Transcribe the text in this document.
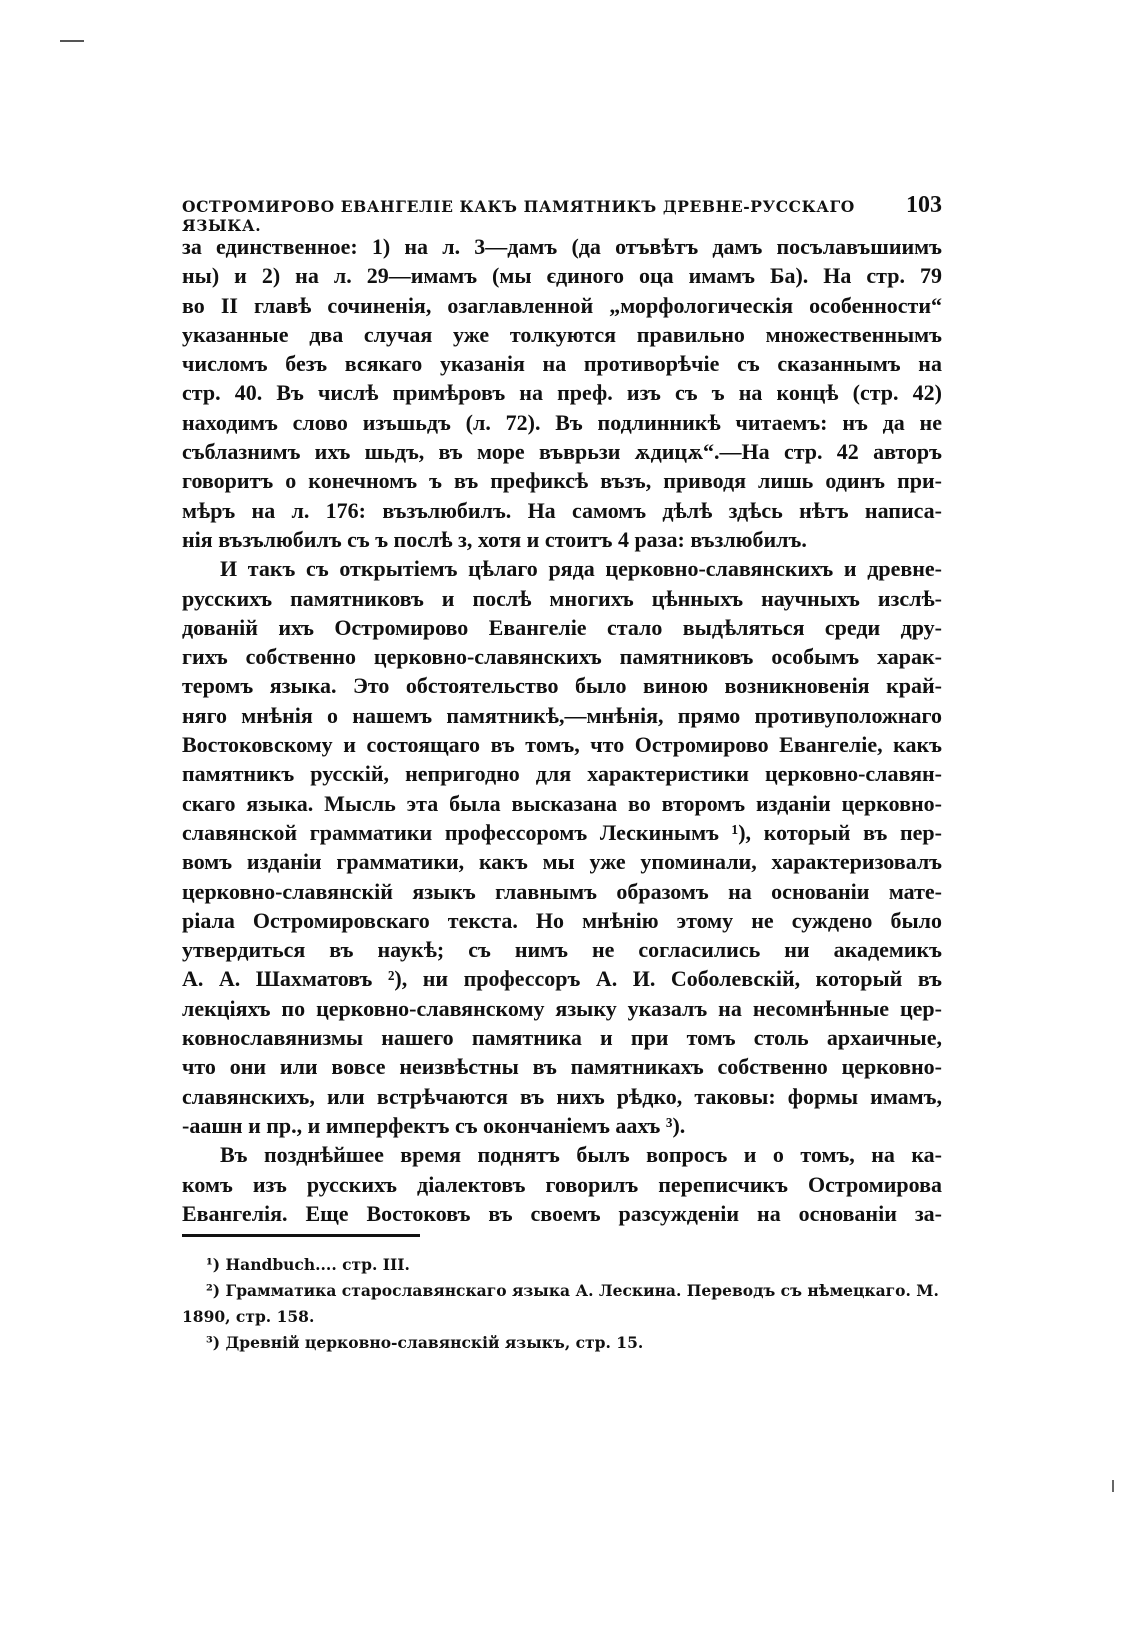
ОСТРОМИРОВО ЕВАНГЕЛІЕ КАКЪ ПАМЯТНИКЪ ДРЕВНЕ-РУССКАГО ЯЗЫКА.
103
за единственное: 1) на л. 3—дамъ (да отъвѣтъ дамъ посълавъшиимъ
ны) и 2) на л. 29—имамъ (мы єдиного оца имамъ Ба). На стр. 79
во II главѣ сочиненія, озаглавленной „морфологическія особенности“
указанные два случая уже толкуются правильно множественнымъ
числомъ безъ всякаго указанія на противорѣчіе съ сказаннымъ на
стр. 40. Въ числѣ примѣровъ на преф. изъ съ ъ на концѣ (стр. 42)
находимъ слово изъшьдъ (л. 72). Въ подлинникѣ читаемъ: нъ да не
съблазнимъ ихъ шьдъ, въ море въврьзи ѫдицѫ“.—На стр. 42 авторъ
говоритъ о конечномъ ъ въ префиксѣ възъ, приводя лишь одинъ при-
мѣръ на л. 176: възълюбилъ. На самомъ дѣлѣ здѣсь нѣтъ написа-
нія възълюбилъ съ ъ послѣ з, хотя и стоитъ 4 раза: възлюбилъ.
И такъ съ открытіемъ цѣлаго ряда церковно-славянскихъ и древне-
русскихъ памятниковъ и послѣ многихъ цѣнныхъ научныхъ изслѣ-
дованій ихъ Остромирово Евангеліе стало выдѣляться среди дру-
гихъ собственно церковно-славянскихъ памятниковъ особымъ харак-
теромъ языка. Это обстоятельство было виною возникновенія край-
няго мнѣнія о нашемъ памятникѣ,—мнѣнія, прямо противуположнаго
Востоковскому и состоящаго въ томъ, что Остромирово Евангеліе, какъ
памятникъ русскій, непригодно для характеристики церковно-славян-
скаго языка. Мысль эта была высказана во второмъ изданіи церковно-
славянской грамматики профессоромъ Лескинымъ ¹), который въ пер-
вомъ изданіи грамматики, какъ мы уже упоминали, характеризовалъ
церковно-славянскій языкъ главнымъ образомъ на основаніи мате-
ріала Остромировскаго текста. Но мнѣнію этому не суждено было
утвердиться въ наукѣ; съ нимъ не согласились ни академикъ
А. А. Шахматовъ ²), ни профессоръ А. И. Соболевскій, который въ
лекціяхъ по церковно-славянскому языку указалъ на несомнѣнные цер-
ковнославянизмы нашего памятника и при томъ столь архаичные,
что они или вовсе неизвѣстны въ памятникахъ собственно церковно-
славянскихъ, или встрѣчаются въ нихъ рѣдко, таковы: формы имамъ,
-аашн и пр., и имперфектъ съ окончаніемъ аахъ ³).
Въ позднѣйшее время поднятъ былъ вопросъ и о томъ, на ка-
комъ изъ русскихъ діалектовъ говорилъ переписчикъ Остромирова
Евангелія. Еще Востоковъ въ своемъ разсужденіи на основаніи за-
¹) Handbuch.... стр. III.
²) Грамматика старославянскаго языка А. Лескина. Переводъ съ нѣмецкаго. М.
1890, стр. 158.
³) Древній церковно-славянскій языкъ, стр. 15.
